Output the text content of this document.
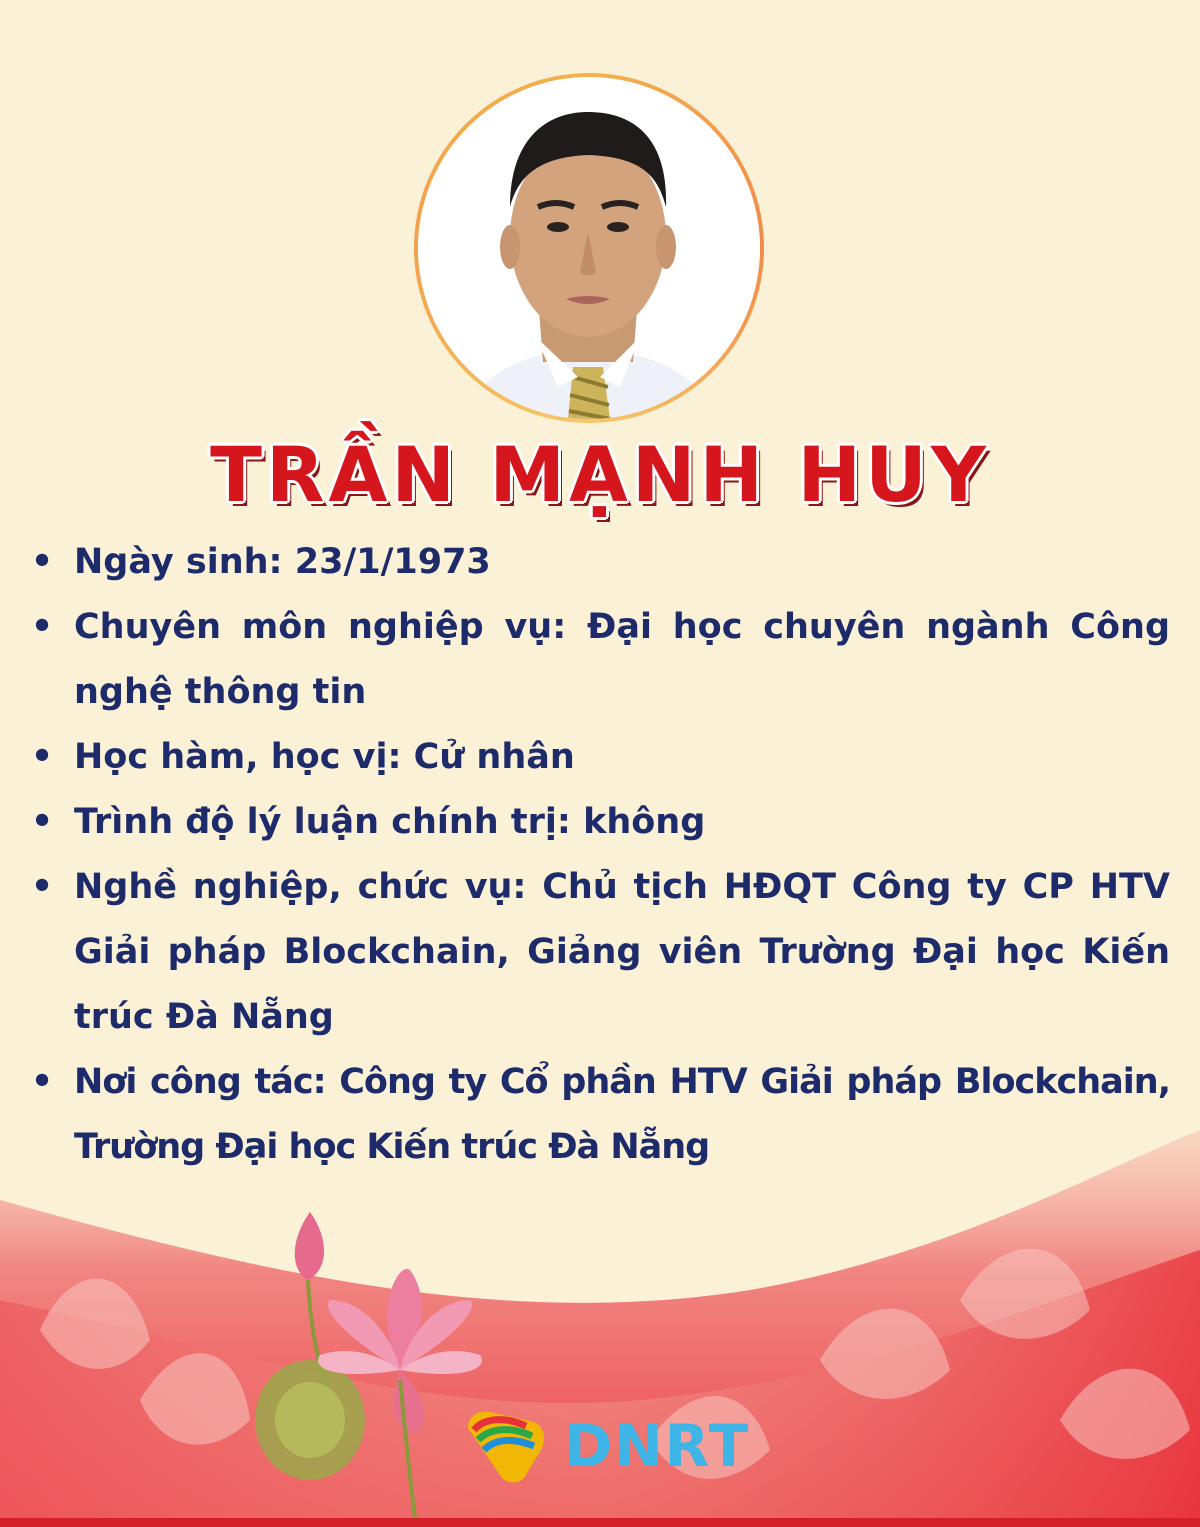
TRẦN MẠNH HUY
• Ngày sinh: 23/1/1973
• Chuyên môn nghiệp vụ: Đại học chuyên ngành Công nghệ thông tin
• Học hàm, học vị: Cử nhân
• Trình độ lý luận chính trị: không
• Nghề nghiệp, chức vụ: Chủ tịch HĐQT Công ty CP HTV Giải pháp Blockchain, Giảng viên Trường Đại học Kiến trúc Đà Nẵng
• Nơi công tác: Công ty Cổ phần HTV Giải pháp Blockchain, Trường Đại học Kiến trúc Đà Nẵng
DNRT
